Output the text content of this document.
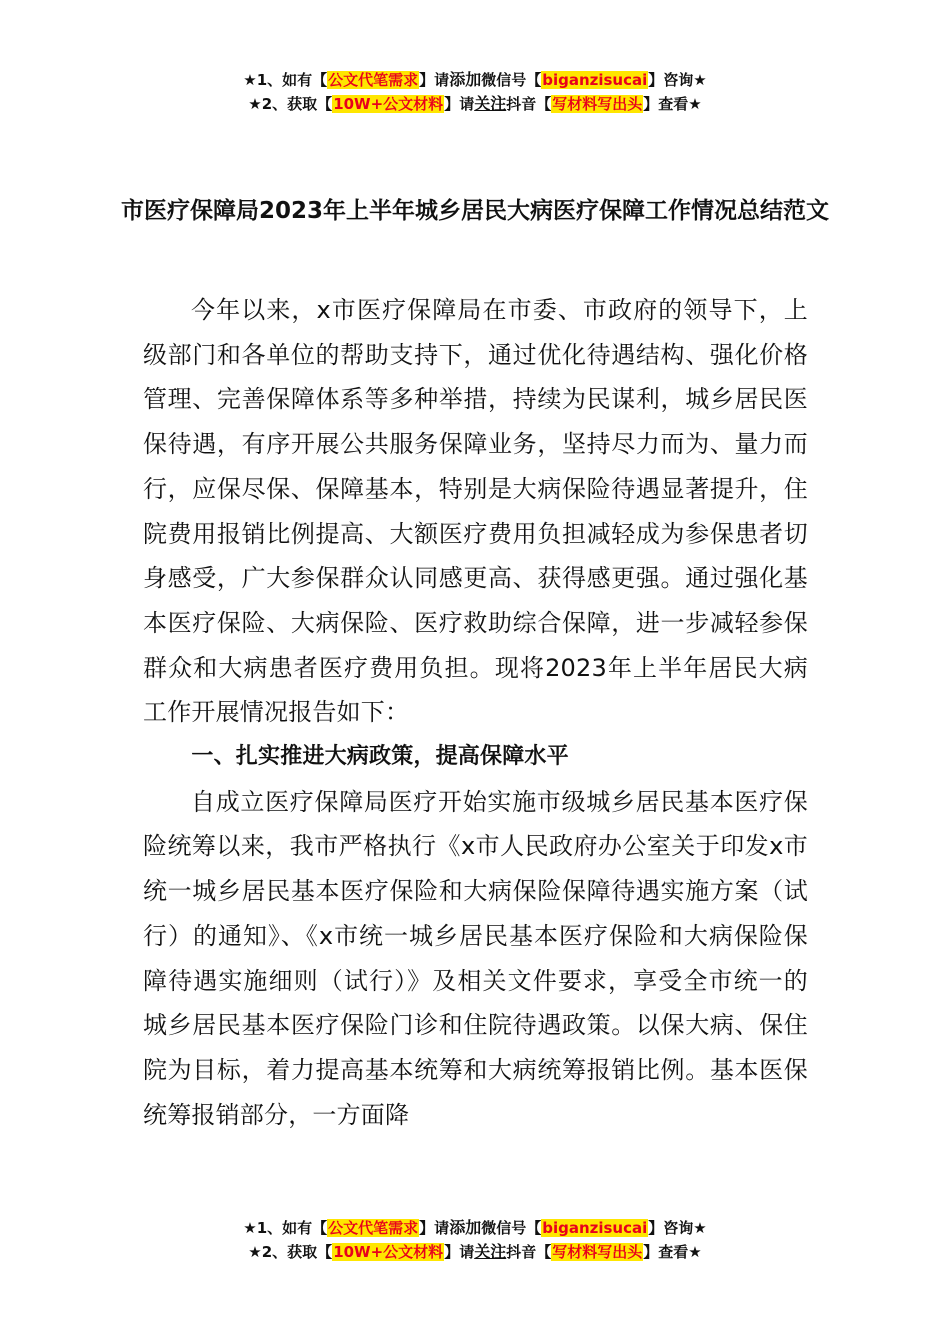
★1、如有【公文代笔需求】请添加微信号【biganzisucai】咨询★
★2、获取【10W+公文材料】请关注抖音【写材料写出头】查看★
市医疗保障局2023年上半年城乡居民大病医疗保障工作情况总结范文

今年以来，x市医疗保障局在市委、市政府的领导下，上级部门和各单位的帮助支持下，通过优化待遇结构、强化价格管理、完善保障体系等多种举措，持续为民谋利，城乡居民医保待遇，有序开展公共服务保障业务，坚持尽力而为、量力而行，应保尽保、保障基本，特别是大病保险待遇显著提升，住院费用报销比例提高、大额医疗费用负担减轻成为参保患者切身感受，广大参保群众认同感更高、获得感更强。通过强化基本医疗保险、大病保险、医疗救助综合保障，进一步减轻参保群众和大病患者医疗费用负担。现将2023年上半年居民大病工作开展情况报告如下：

一、扎实推进大病政策，提高保障水平

自成立医疗保障局医疗开始实施市级城乡居民基本医疗保险统筹以来，我市严格执行《x市人民政府办公室关于印发x市统一城乡居民基本医疗保险和大病保险保障待遇实施方案（试行）的通知》、《x市统一城乡居民基本医疗保险和大病保险保障待遇实施细则（试行）》及相关文件要求，享受全市统一的城乡居民基本医疗保险门诊和住院待遇政策。以保大病、保住院为目标，着力提高基本统筹和大病统筹报销比例。基本医保统筹报销部分，一方面降

★1、如有【公文代笔需求】请添加微信号【biganzisucai】咨询★
★2、获取【10W+公文材料】请关注抖音【写材料写出头】查看★
